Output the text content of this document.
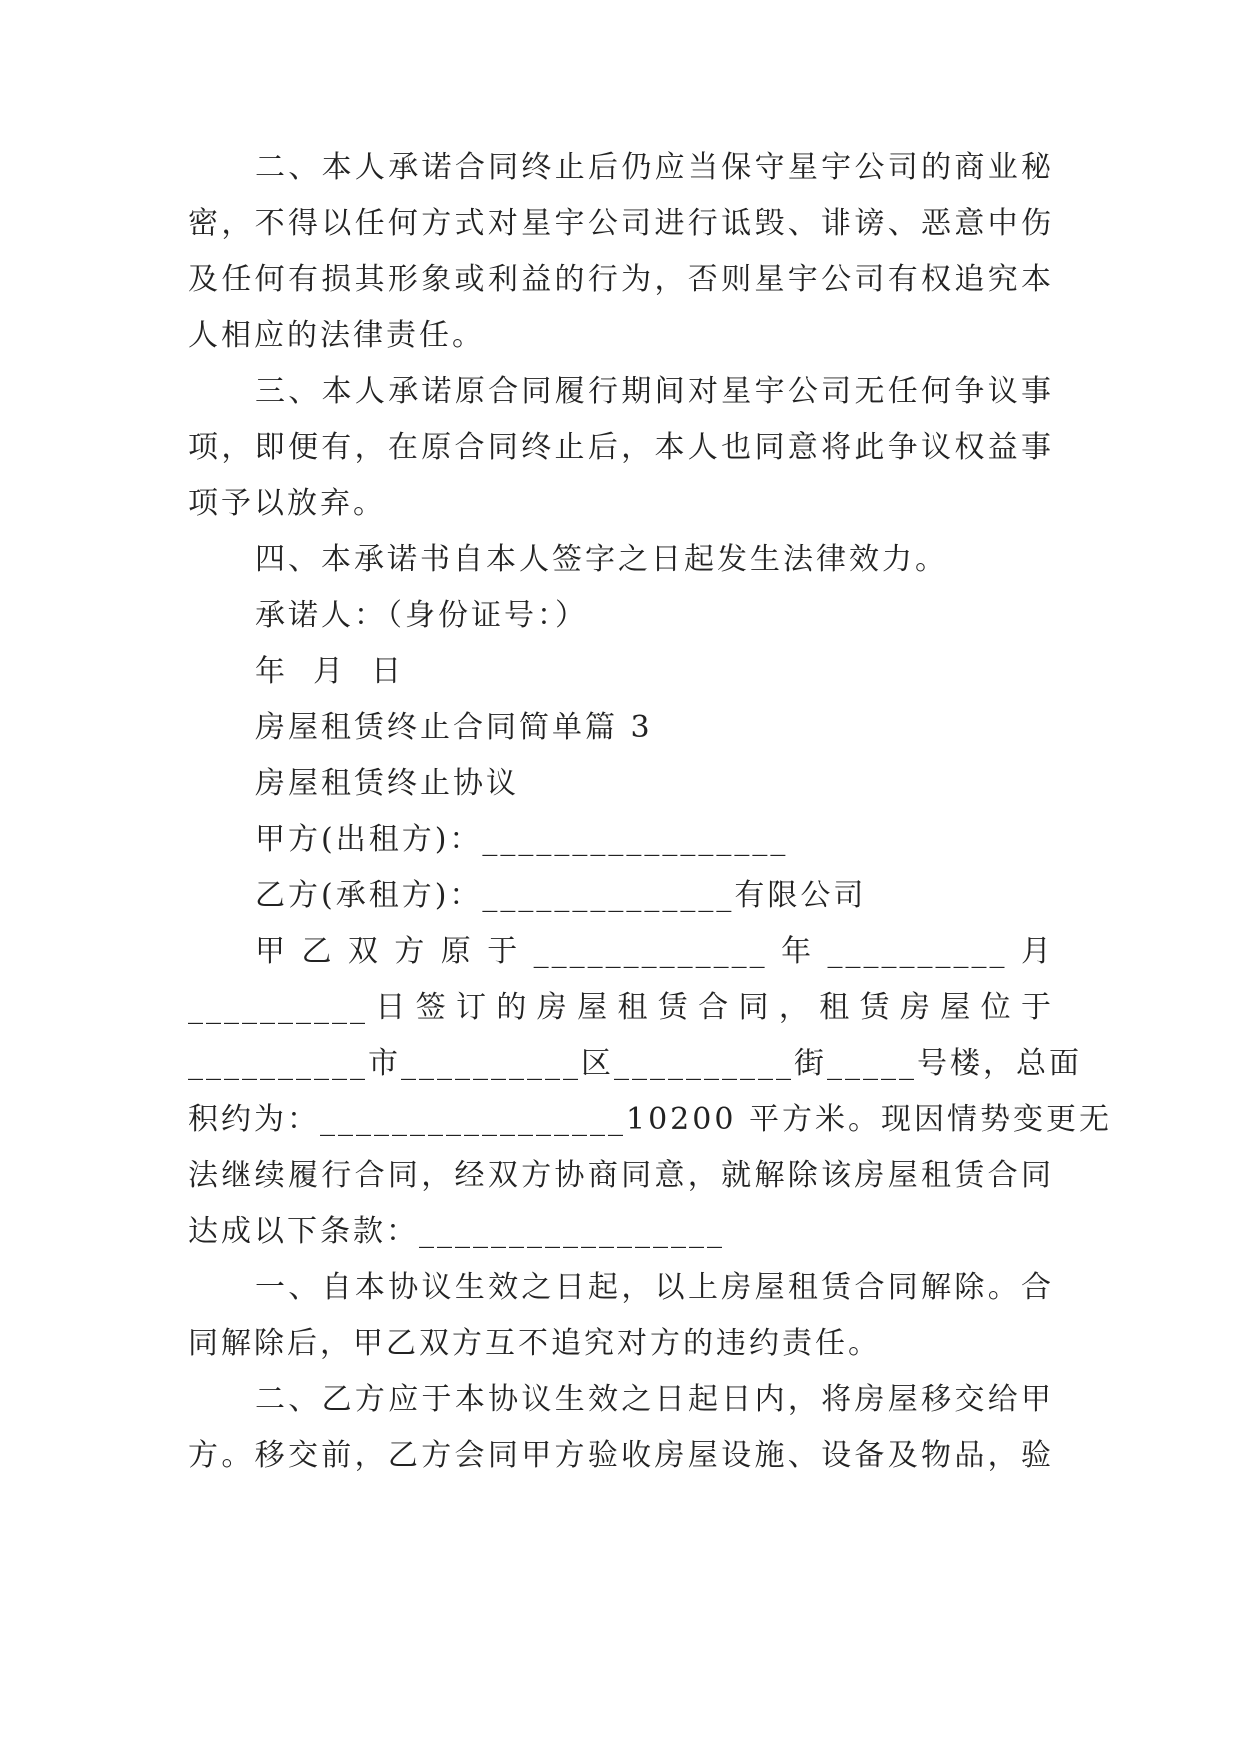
二、本人承诺合同终止后仍应当保守星宇公司的商业秘
密，不得以任何方式对星宇公司进行诋毁、诽谤、恶意中伤
及任何有损其形象或利益的行为，否则星宇公司有权追究本
人相应的法律责任。
三、本人承诺原合同履行期间对星宇公司无任何争议事
项，即便有，在原合同终止后，本人也同意将此争议权益事
项予以放弃。
四、本承诺书自本人签字之日起发生法律效力。
承诺人：（身份证号：）
年  月  日
房屋租赁终止合同简单篇 3
房屋租赁终止协议
甲方(出租方)：_________________
乙方(承租方)：______________有限公司
甲乙双方原于_____________年__________月
__________日签订的房屋租赁合同，租赁房屋位于
__________市__________区__________街_____号楼，总面
积约为：_________________10200 平方米。现因情势变更无
法继续履行合同，经双方协商同意，就解除该房屋租赁合同
达成以下条款：_________________
一、自本协议生效之日起，以上房屋租赁合同解除。合
同解除后，甲乙双方互不追究对方的违约责任。
二、乙方应于本协议生效之日起日内，将房屋移交给甲
方。移交前，乙方会同甲方验收房屋设施、设备及物品，验
